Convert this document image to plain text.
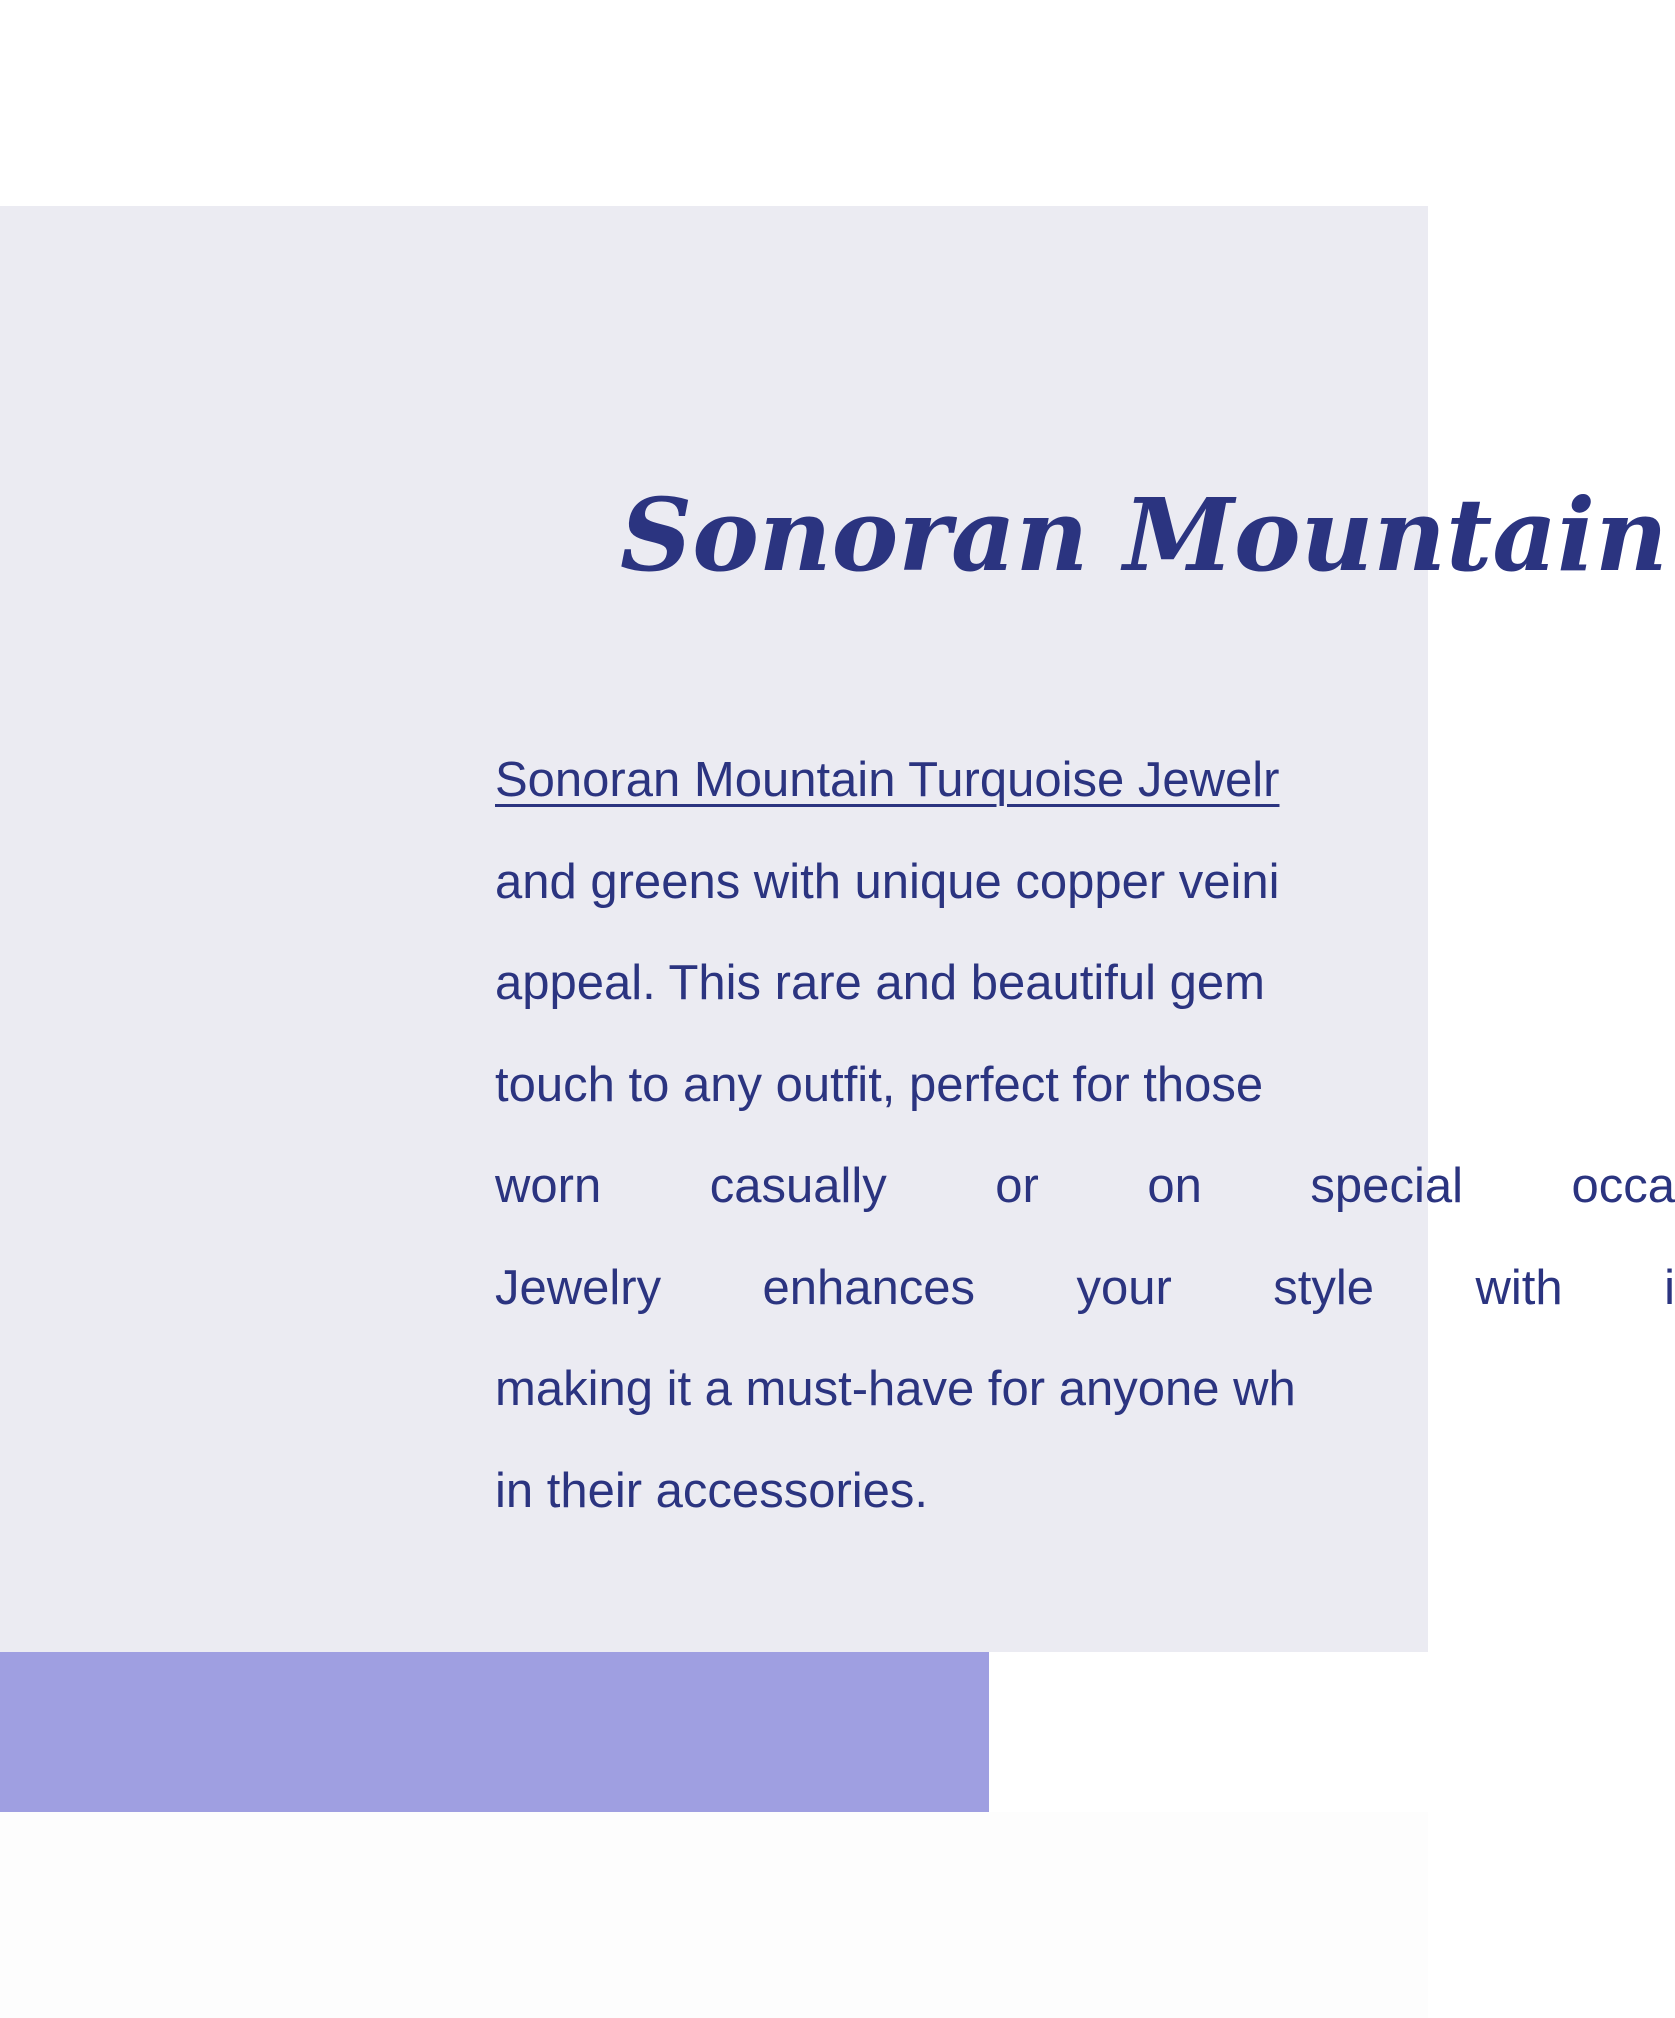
Sonoran Mountain
Sonoran Mountain Turquoise Jewelr
and greens with unique copper veini
appeal. This rare and beautiful gem
touch to any outfit, perfect for those
worn casually or on special occa
Jewelry enhances your style with i
making it a must-have for anyone wh
in their accessories.
